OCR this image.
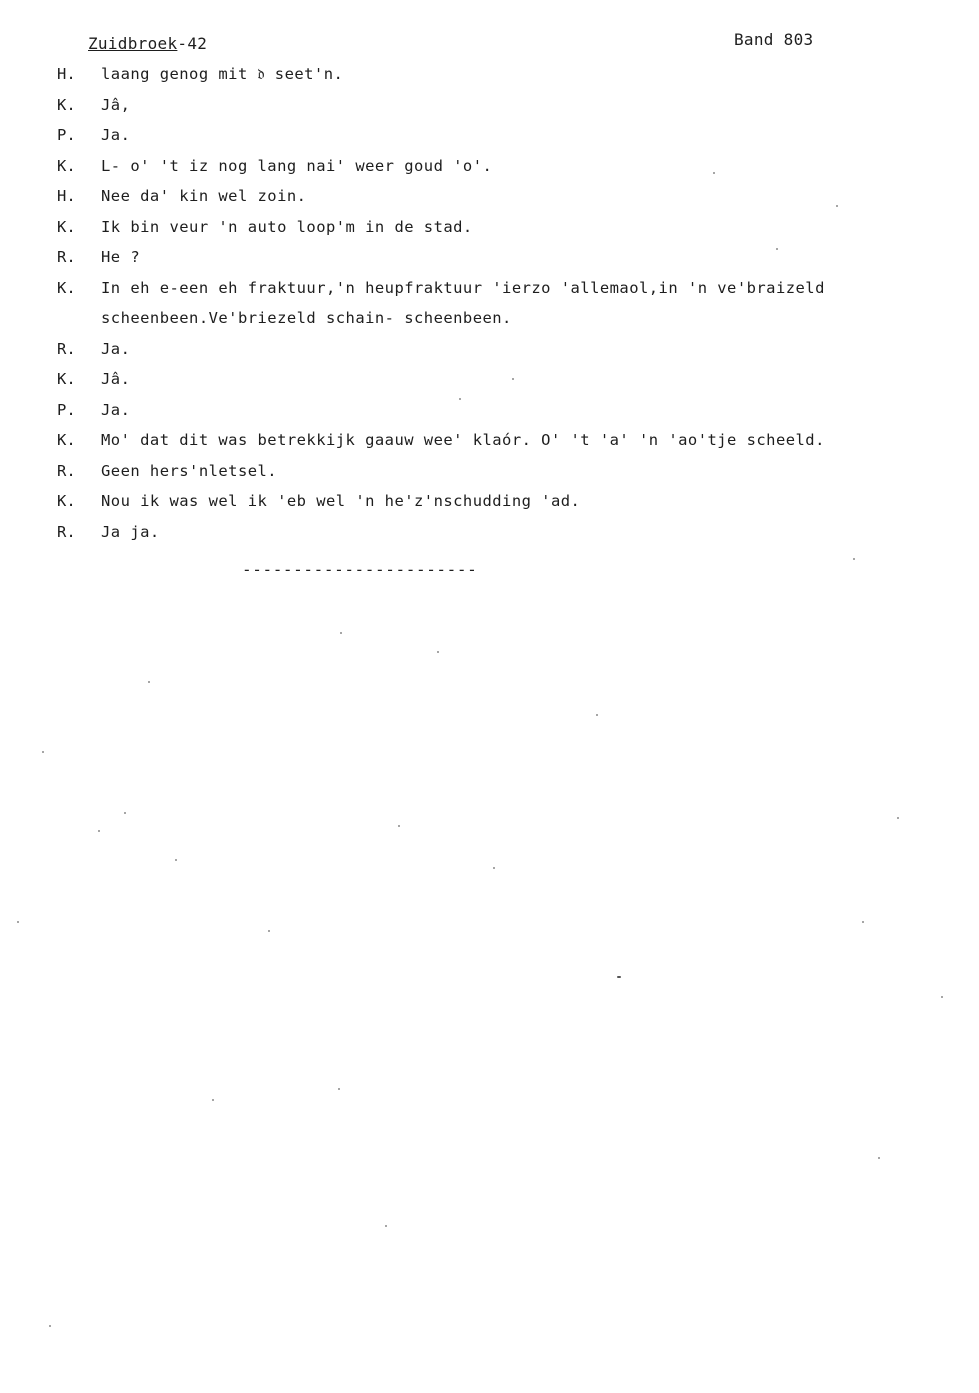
Zuidbroek-42	Band 803
H.	laang genog mit 𝔡 seet'n.
K.	Jâ,
P.	Ja.
K.	L- o' 't iz nog lang nai' weer goud 'o'.
H.	Nee da' kin wel zoin.
K.	Ik bin veur 'n auto loop'm in de stad.
R.	He ?
K.	In eh e-een eh fraktuur,'n heupfraktuur 'ierzo 'allemaol,in 'n ve'braizeld
scheenbeen.Ve'briezeld schain- scheenbeen.
R.	Ja.
K.	Jâ.
P.	Ja.
K.	Mo' dat dit was betrekkijk gaauw wee' klaór. O' 't 'a' 'n 'ao'tje scheeld.
R.	Geen hers'nletsel.
K.	Nou ik was wel ik 'eb wel 'n he'z'nschudding 'ad.
R.	Ja ja.
-----------------------
